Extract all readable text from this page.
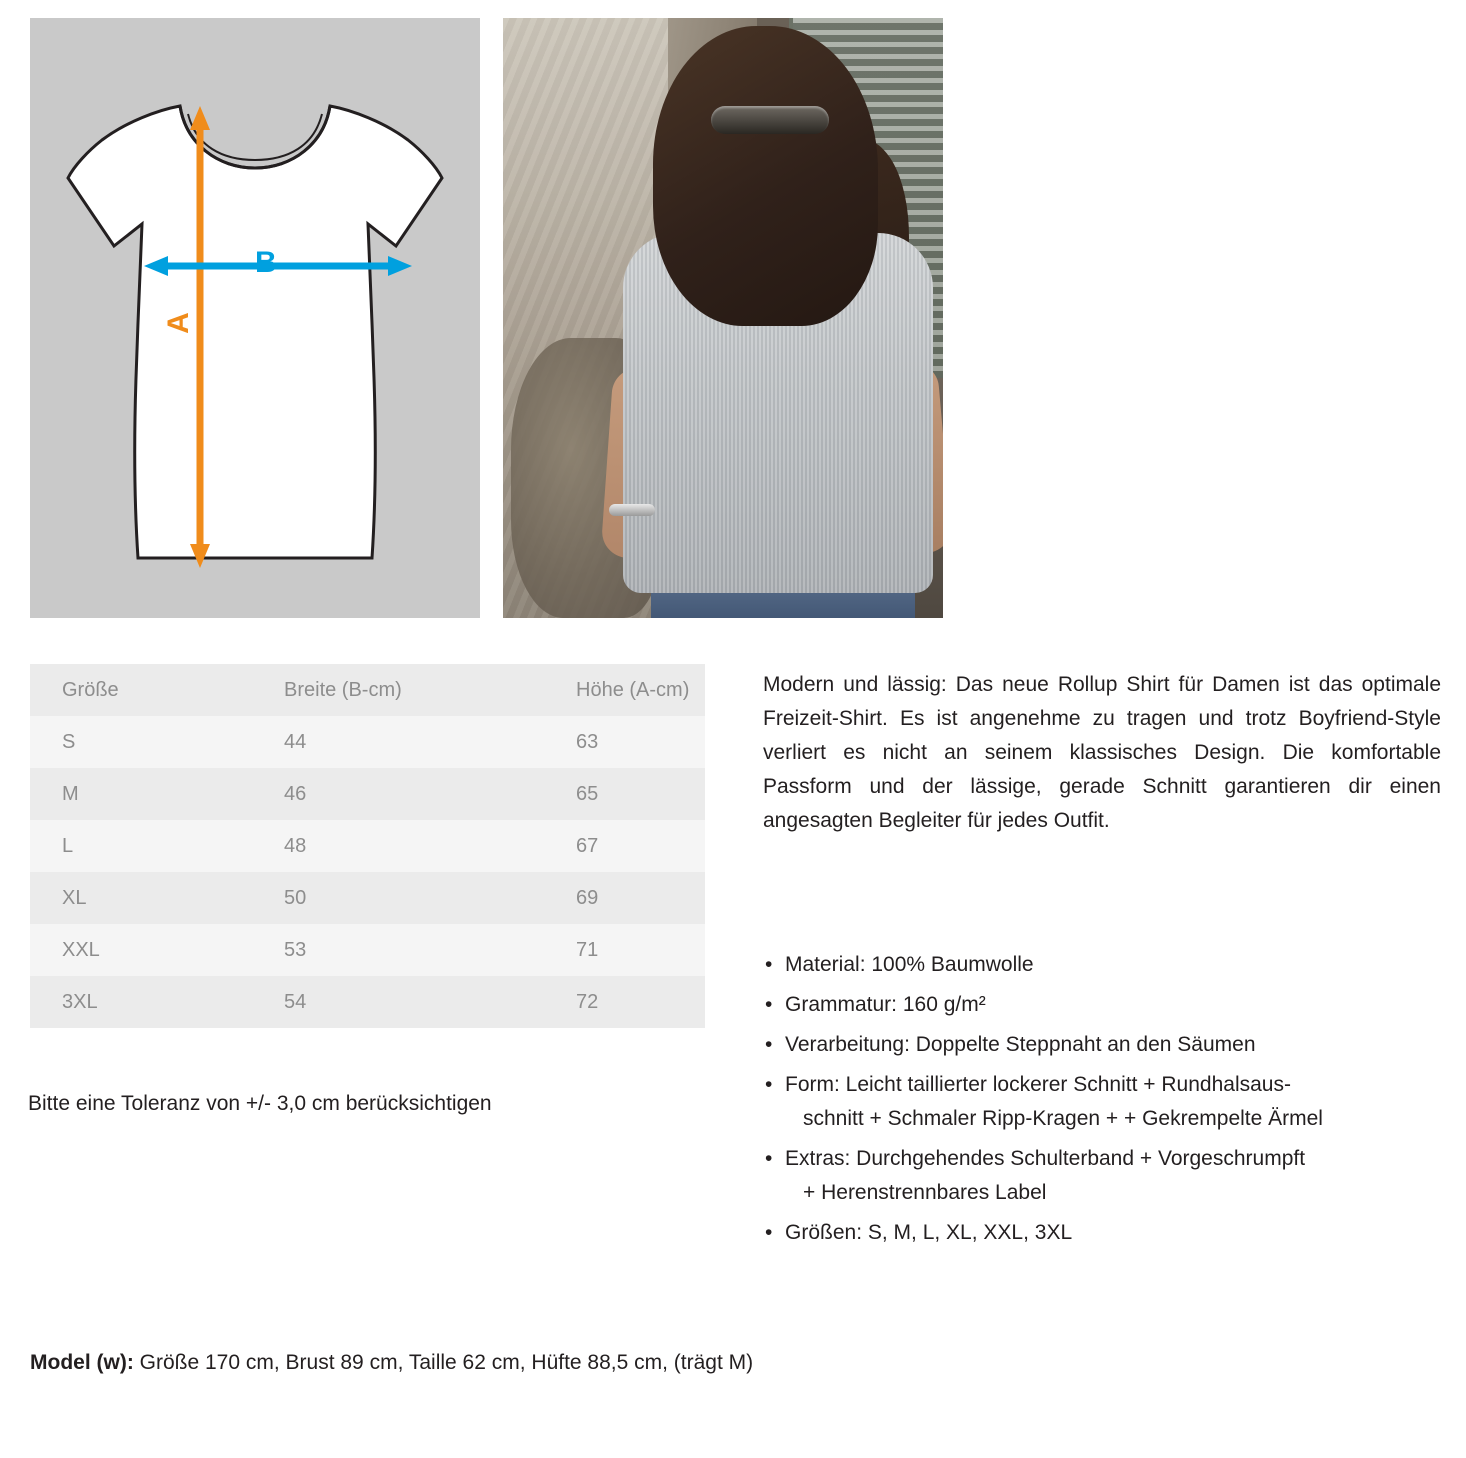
A
B
Größe	Breite (B-cm)	Höhe (A-cm)
S	44	63
M	46	65
L	48	67
XL	50	69
XXL	53	71
3XL	54	72
Bitte eine Toleranz von +/- 3,0 cm berücksichtigen
Modern und lässig: Das neue Rollup Shirt für Damen ist das optimale Freizeit-Shirt. Es ist angenehme zu tragen und trotz Boyfriend-Style verliert es nicht an seinem klassisches Design. Die komfortable Passform und der lässige, gerade Schnitt garantieren dir einen angesagten Begleiter für jedes Outfit.
• Material: 100% Baumwolle
• Grammatur: 160 g/m²
• Verarbeitung: Doppelte Steppnaht an den Säumen
• Form: Leicht taillierter lockerer Schnitt + Rundhalsaus-
schnitt + Schmaler Ripp-Kragen + + Gekrempelte Ärmel
• Extras: Durchgehendes Schulterband + Vorgeschrumpft
+ Herenstrennbares Label
• Größen: S, M, L, XL, XXL, 3XL
Model (w): Größe 170 cm, Brust 89 cm, Taille 62 cm, Hüfte 88,5 cm, (trägt M)
